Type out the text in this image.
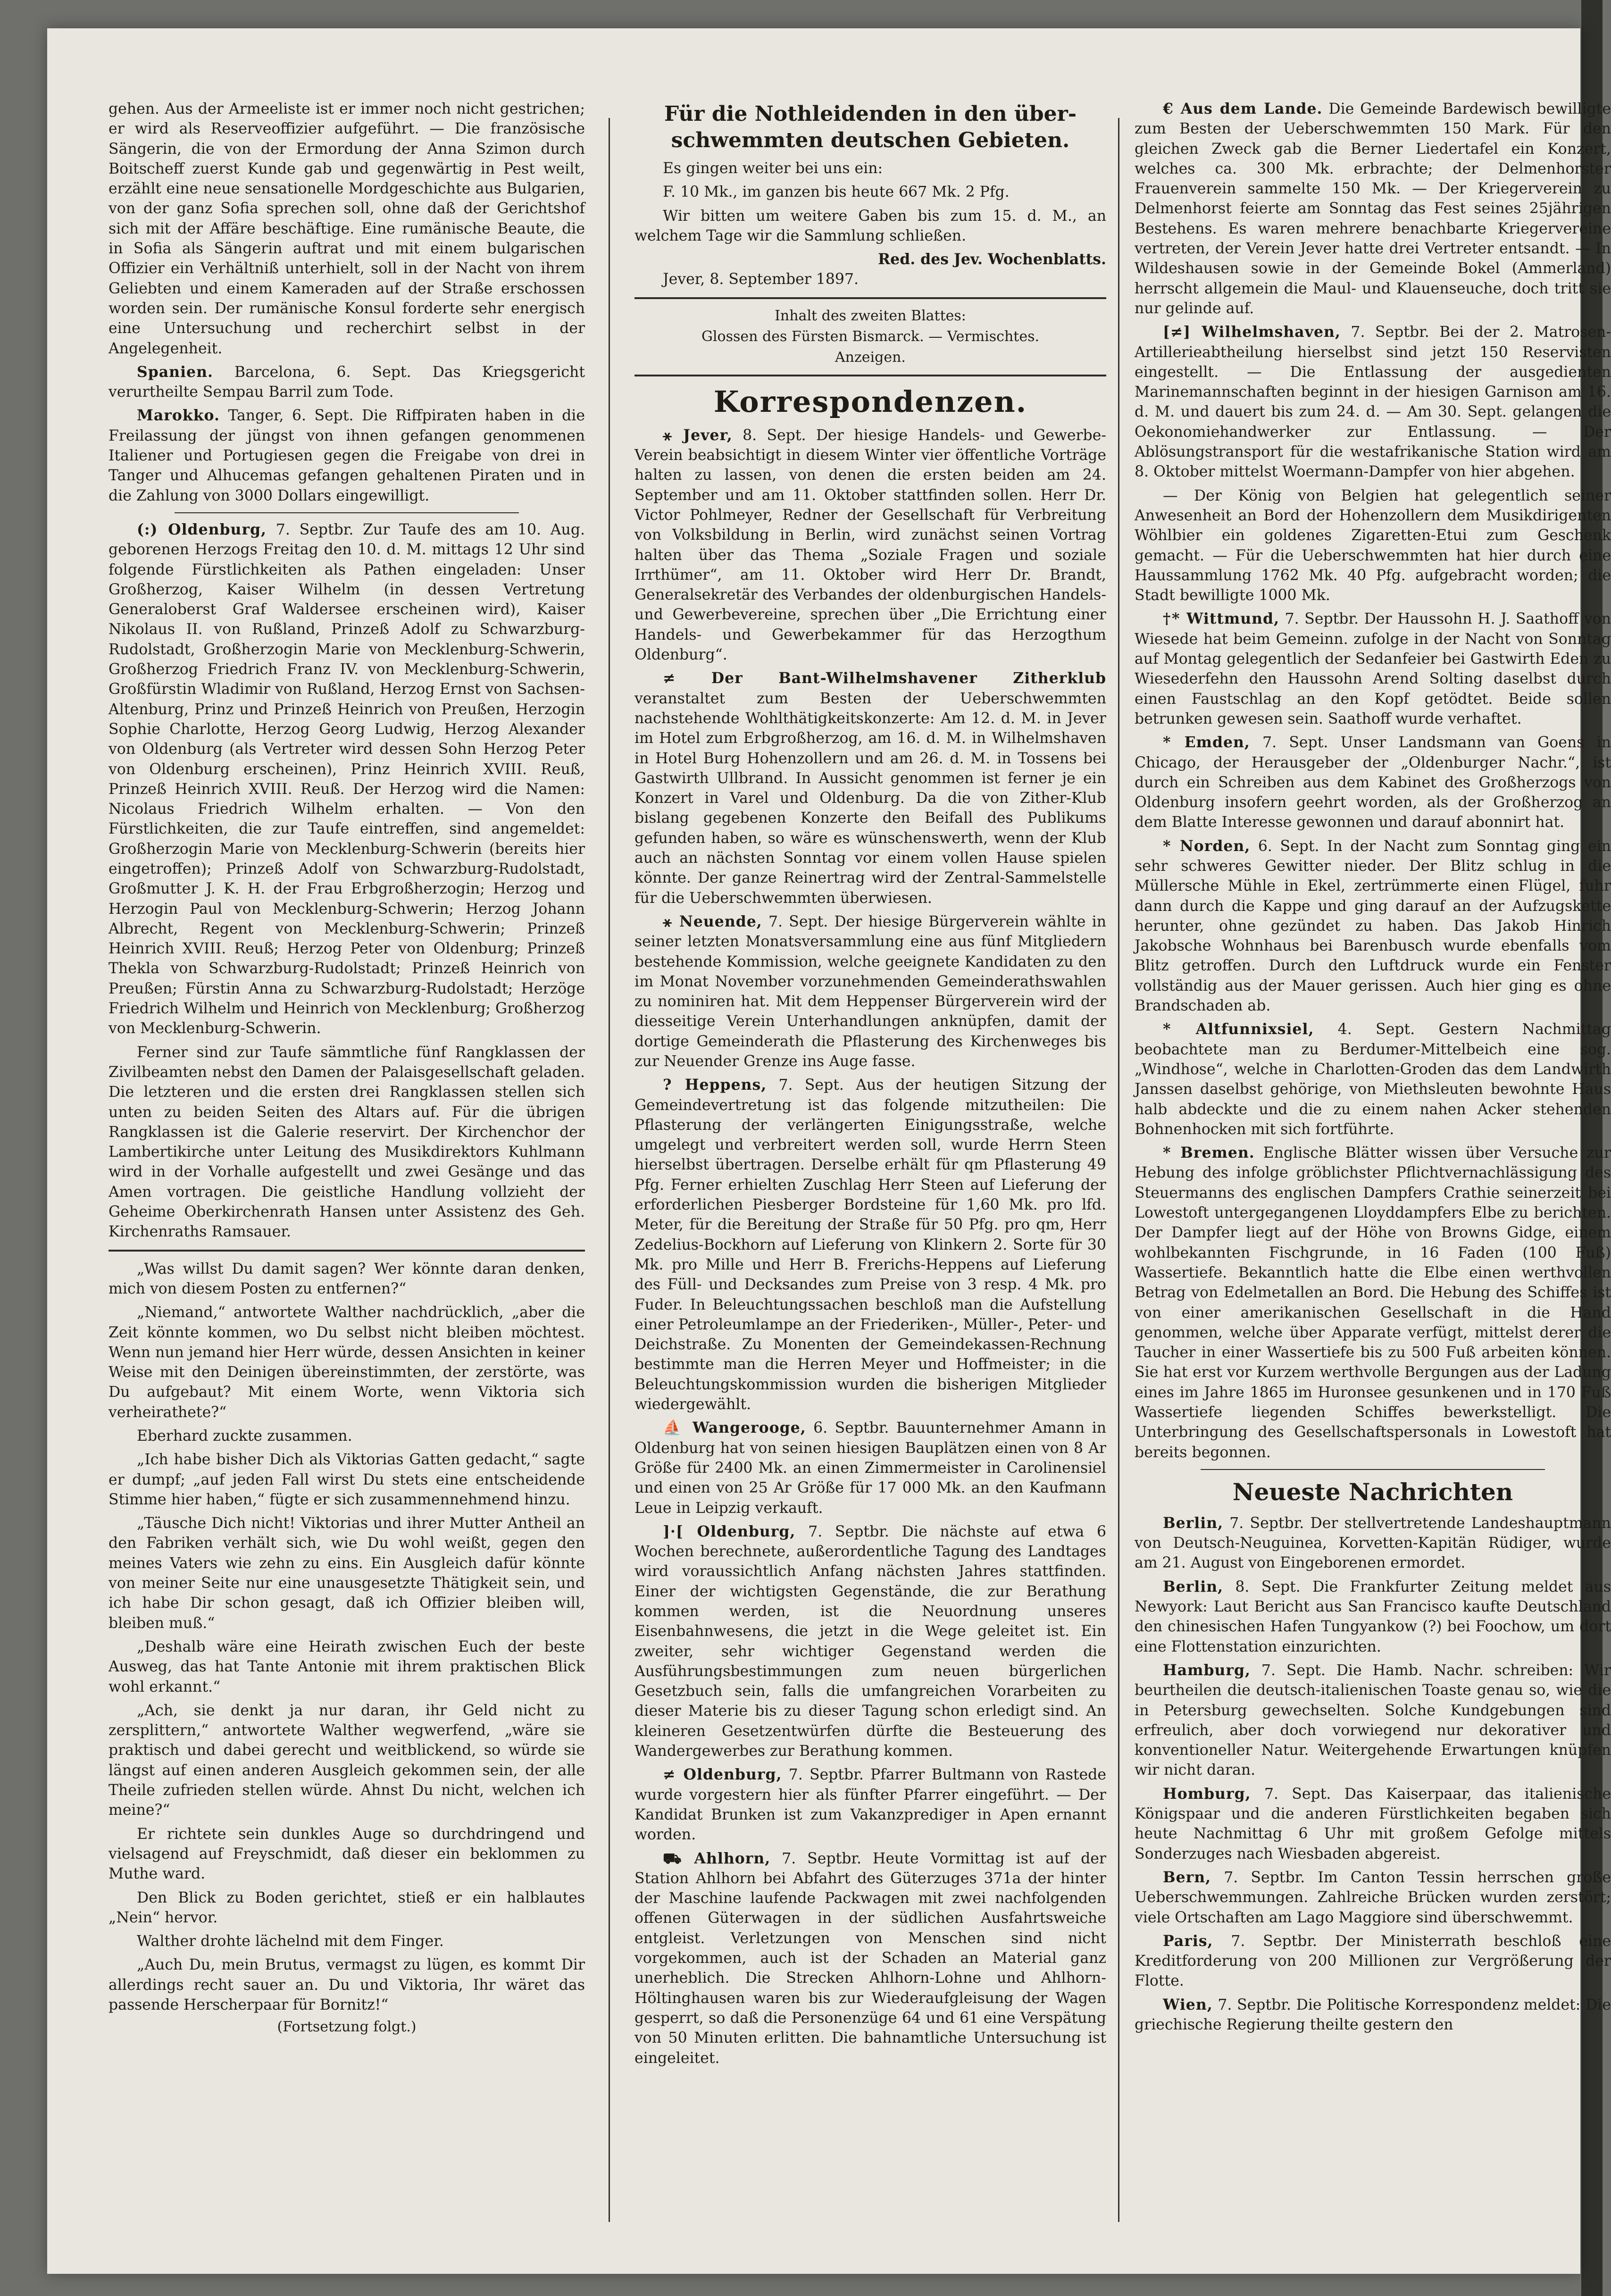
gehen. Aus der Armeeliste ist er immer noch nicht gestrichen; er wird als Reserveoffizier aufgeführt. — Die französische Sängerin, die von der Ermordung der Anna Szimon durch Boitscheff zuerst Kunde gab und gegenwärtig in Pest weilt, erzählt eine neue sensationelle Mordgeschichte aus Bulgarien, von der ganz Sofia sprechen soll, ohne daß der Gerichtshof sich mit der Affäre beschäftige. Eine rumänische Beaute, die in Sofia als Sängerin auftrat und mit einem bulgarischen Offizier ein Verhältniß unterhielt, soll in der Nacht von ihrem Geliebten und einem Kameraden auf der Straße erschossen worden sein. Der rumänische Konsul forderte sehr energisch eine Untersuchung und recherchirt selbst in der Angelegenheit.

Spanien. Barcelona, 6. Sept. Das Kriegsgericht verurtheilte Sempau Barril zum Tode.

Marokko. Tanger, 6. Sept. Die Riffpiraten haben in die Freilassung der jüngst von ihnen gefangen genommenen Italiener und Portugiesen gegen die Freigabe von drei in Tanger und Alhucemas gefangen gehaltenen Piraten und in die Zahlung von 3000 Dollars eingewilligt.

(:) Oldenburg, 7. Septbr. Zur Taufe des am 10. Aug. geborenen Herzogs Freitag den 10. d. M. mittags 12 Uhr sind folgende Fürstlichkeiten als Pathen eingeladen: Unser Großherzog, Kaiser Wilhelm (in dessen Vertretung Generaloberst Graf Waldersee erscheinen wird), Kaiser Nikolaus II. von Rußland, Prinzeß Adolf zu Schwarzburg-Rudolstadt, Großherzogin Marie von Mecklenburg-Schwerin, Großherzog Friedrich Franz IV. von Mecklenburg-Schwerin, Großfürstin Wladimir von Rußland, Herzog Ernst von Sachsen-Altenburg, Prinz und Prinzeß Heinrich von Preußen, Herzogin Sophie Charlotte, Herzog Georg Ludwig, Herzog Alexander von Oldenburg (als Vertreter wird dessen Sohn Herzog Peter von Oldenburg erscheinen), Prinz Heinrich XVIII. Reuß, Prinzeß Heinrich XVIII. Reuß. Der Herzog wird die Namen: Nicolaus Friedrich Wilhelm erhalten. — Von den Fürstlichkeiten, die zur Taufe eintreffen, sind angemeldet: Großherzogin Marie von Mecklenburg-Schwerin (bereits hier eingetroffen); Prinzeß Adolf von Schwarzburg-Rudolstadt, Großmutter J. K. H. der Frau Erbgroßherzogin; Herzog und Herzogin Paul von Mecklenburg-Schwerin; Herzog Johann Albrecht, Regent von Mecklenburg-Schwerin; Prinzeß Heinrich XVIII. Reuß; Herzog Peter von Oldenburg; Prinzeß Thekla von Schwarzburg-Rudolstadt; Prinzeß Heinrich von Preußen; Fürstin Anna zu Schwarzburg-Rudolstadt; Herzöge Friedrich Wilhelm und Heinrich von Mecklenburg; Großherzog von Mecklenburg-Schwerin.

Ferner sind zur Taufe sämmtliche fünf Rangklassen der Zivilbeamten nebst den Damen der Palaisgesellschaft geladen. Die letzteren und die ersten drei Rangklassen stellen sich unten zu beiden Seiten des Altars auf. Für die übrigen Rangklassen ist die Galerie reservirt. Der Kirchenchor der Lambertikirche unter Leitung des Musikdirektors Kuhlmann wird in der Vorhalle aufgestellt und zwei Gesänge und das Amen vortragen. Die geistliche Handlung vollzieht der Geheime Oberkirchenrath Hansen unter Assistenz des Geh. Kirchenraths Ramsauer.

„Was willst Du damit sagen? Wer könnte daran denken, mich von diesem Posten zu entfernen?“

„Niemand,“ antwortete Walther nachdrücklich, „aber die Zeit könnte kommen, wo Du selbst nicht bleiben möchtest. Wenn nun jemand hier Herr würde, dessen Ansichten in keiner Weise mit den Deinigen übereinstimmten, der zerstörte, was Du aufgebaut? Mit einem Worte, wenn Viktoria sich verheirathete?“

Eberhard zuckte zusammen.

„Ich habe bisher Dich als Viktorias Gatten gedacht,“ sagte er dumpf; „auf jeden Fall wirst Du stets eine entscheidende Stimme hier haben,“ fügte er sich zusammennehmend hinzu.

„Täusche Dich nicht! Viktorias und ihrer Mutter Antheil an den Fabriken verhält sich, wie Du wohl weißt, gegen den meines Vaters wie zehn zu eins. Ein Ausgleich dafür könnte von meiner Seite nur eine unausgesetzte Thätigkeit sein, und ich habe Dir schon gesagt, daß ich Offizier bleiben will, bleiben muß.“

„Deshalb wäre eine Heirath zwischen Euch der beste Ausweg, das hat Tante Antonie mit ihrem praktischen Blick wohl erkannt.“

„Ach, sie denkt ja nur daran, ihr Geld nicht zu zersplittern,“ antwortete Walther wegwerfend, „wäre sie praktisch und dabei gerecht und weitblickend, so würde sie längst auf einen anderen Ausgleich gekommen sein, der alle Theile zufrieden stellen würde. Ahnst Du nicht, welchen ich meine?“

Er richtete sein dunkles Auge so durchdringend und vielsagend auf Freyschmidt, daß dieser ein beklommen zu Muthe ward.

Den Blick zu Boden gerichtet, stieß er ein halblautes „Nein“ hervor.

Walther drohte lächelnd mit dem Finger.

„Auch Du, mein Brutus, vermagst zu lügen, es kommt Dir allerdings recht sauer an. Du und Viktoria, Ihr wäret das passende Herscherpaar für Bornitz!“

(Fortsetzung folgt.)
Für die Nothleidenden in den über-
schwemmten deutschen Gebieten.

Es gingen weiter bei uns ein:

F. 10 Mk., im ganzen bis heute 667 Mk. 2 Pfg.

Wir bitten um weitere Gaben bis zum 15. d. M., an welchem Tage wir die Sammlung schließen.

Red. des Jev. Wochenblatts.

Jever, 8. September 1897.

Inhalt des zweiten Blattes:
Glossen des Fürsten Bismarck. — Vermischtes.
Anzeigen.
Korrespondenzen.

⚹ Jever, 8. Sept. Der hiesige Handels- und Gewerbe-Verein beabsichtigt in diesem Winter vier öffentliche Vorträge halten zu lassen, von denen die ersten beiden am 24. September und am 11. Oktober stattfinden sollen. Herr Dr. Victor Pohlmeyer, Redner der Gesellschaft für Verbreitung von Volksbildung in Berlin, wird zunächst seinen Vortrag halten über das Thema „Soziale Fragen und soziale Irrthümer“, am 11. Oktober wird Herr Dr. Brandt, Generalsekretär des Verbandes der oldenburgischen Handels- und Gewerbevereine, sprechen über „Die Errichtung einer Handels- und Gewerbekammer für das Herzogthum Oldenburg“.

≠ Der Bant-Wilhelmshavener Zitherklub veranstaltet zum Besten der Ueberschwemmten nachstehende Wohlthätigkeitskonzerte: Am 12. d. M. in Jever im Hotel zum Erbgroßherzog, am 16. d. M. in Wilhelmshaven in Hotel Burg Hohenzollern und am 26. d. M. in Tossens bei Gastwirth Ullbrand. In Aussicht genommen ist ferner je ein Konzert in Varel und Oldenburg. Da die von Zither-Klub bislang gegebenen Konzerte den Beifall des Publikums gefunden haben, so wäre es wünschenswerth, wenn der Klub auch an nächsten Sonntag vor einem vollen Hause spielen könnte. Der ganze Reinertrag wird der Zentral-Sammelstelle für die Ueberschwemmten überwiesen.

⚹ Neuende, 7. Sept. Der hiesige Bürgerverein wählte in seiner letzten Monatsversammlung eine aus fünf Mitgliedern bestehende Kommission, welche geeignete Kandidaten zu den im Monat November vorzunehmenden Gemeinderathswahlen zu nominiren hat. Mit dem Heppenser Bürgerverein wird der diesseitige Verein Unterhandlungen anknüpfen, damit der dortige Gemeinderath die Pflasterung des Kirchenweges bis zur Neuender Grenze ins Auge fasse.

? Heppens, 7. Sept. Aus der heutigen Sitzung der Gemeindevertretung ist das folgende mitzutheilen: Die Pflasterung der verlängerten Einigungsstraße, welche umgelegt und verbreitert werden soll, wurde Herrn Steen hierselbst übertragen. Derselbe erhält für qm Pflasterung 49 Pfg. Ferner erhielten Zuschlag Herr Steen auf Lieferung der erforderlichen Piesberger Bordsteine für 1,60 Mk. pro lfd. Meter, für die Bereitung der Straße für 50 Pfg. pro qm, Herr Zedelius-Bockhorn auf Lieferung von Klinkern 2. Sorte für 30 Mk. pro Mille und Herr B. Frerichs-Heppens auf Lieferung des Füll- und Decksandes zum Preise von 3 resp. 4 Mk. pro Fuder. In Beleuchtungssachen beschloß man die Aufstellung einer Petroleumlampe an der Friederiken-, Müller-, Peter- und Deichstraße. Zu Monenten der Gemeindekassen-Rechnung bestimmte man die Herren Meyer und Hoffmeister; in die Beleuchtungskommission wurden die bisherigen Mitglieder wiedergewählt.

⛵ Wangerooge, 6. Septbr. Bauunternehmer Amann in Oldenburg hat von seinen hiesigen Bauplätzen einen von 8 Ar Größe für 2400 Mk. an einen Zimmermeister in Carolinensiel und einen von 25 Ar Größe für 17 000 Mk. an den Kaufmann Leue in Leipzig verkauft.

]·[ Oldenburg, 7. Septbr. Die nächste auf etwa 6 Wochen berechnete, außerordentliche Tagung des Landtages wird voraussichtlich Anfang nächsten Jahres stattfinden. Einer der wichtigsten Gegenstände, die zur Berathung kommen werden, ist die Neuordnung unseres Eisenbahnwesens, die jetzt in die Wege geleitet ist. Ein zweiter, sehr wichtiger Gegenstand werden die Ausführungsbestimmungen zum neuen bürgerlichen Gesetzbuch sein, falls die umfangreichen Vorarbeiten zu dieser Materie bis zu dieser Tagung schon erledigt sind. An kleineren Gesetzentwürfen dürfte die Besteuerung des Wandergewerbes zur Berathung kommen.

≠ Oldenburg, 7. Septbr. Pfarrer Bultmann von Rastede wurde vorgestern hier als fünfter Pfarrer eingeführt. — Der Kandidat Brunken ist zum Vakanzprediger in Apen ernannt worden.

⛟ Ahlhorn, 7. Septbr. Heute Vormittag ist auf der Station Ahlhorn bei Abfahrt des Güterzuges 371a der hinter der Maschine laufende Packwagen mit zwei nachfolgenden offenen Güterwagen in der südlichen Ausfahrtsweiche entgleist. Verletzungen von Menschen sind nicht vorgekommen, auch ist der Schaden an Material ganz unerheblich. Die Strecken Ahlhorn-Lohne und Ahlhorn-Höltinghausen waren bis zur Wiederaufgleisung der Wagen gesperrt, so daß die Personenzüge 64 und 61 eine Verspätung von 50 Minuten erlitten. Die bahnamtliche Untersuchung ist eingeleitet.

€ Aus dem Lande. Die Gemeinde Bardewisch bewilligte zum Besten der Ueberschwemmten 150 Mark. Für den gleichen Zweck gab die Berner Liedertafel ein Konzert, welches ca. 300 Mk. erbrachte; der Delmenhorster Frauenverein sammelte 150 Mk. — Der Kriegerverein zu Delmenhorst feierte am Sonntag das Fest seines 25jährigen Bestehens. Es waren mehrere benachbarte Kriegervereine vertreten, der Verein Jever hatte drei Vertreter entsandt. — In Wildeshausen sowie in der Gemeinde Bokel (Ammerland) herrscht allgemein die Maul- und Klauenseuche, doch tritt sie nur gelinde auf.

[≠] Wilhelmshaven, 7. Septbr. Bei der 2. Matrosen-Artillerieabtheilung hierselbst sind jetzt 150 Reservisten eingestellt. — Die Entlassung der ausgedienten Marinemannschaften beginnt in der hiesigen Garnison am 16. d. M. und dauert bis zum 24. d. — Am 30. Sept. gelangen die Oekonomiehandwerker zur Entlassung. — Der Ablösungstransport für die westafrikanische Station wird am 8. Oktober mittelst Woermann-Dampfer von hier abgehen.

— Der König von Belgien hat gelegentlich seiner Anwesenheit an Bord der Hohenzollern dem Musikdirigenten Wöhlbier ein goldenes Zigaretten-Etui zum Geschenk gemacht. — Für die Ueberschwemmten hat hier durch eine Haussammlung 1762 Mk. 40 Pfg. aufgebracht worden; die Stadt bewilligte 1000 Mk.

†* Wittmund, 7. Septbr. Der Haussohn H. J. Saathoff von Wiesede hat beim Gemeinn. zufolge in der Nacht von Sonntag auf Montag gelegentlich der Sedanfeier bei Gastwirth Eden zu Wiesederfehn den Haussohn Arend Solting daselbst durch einen Faustschlag an den Kopf getödtet. Beide sollen betrunken gewesen sein. Saathoff wurde verhaftet.

* Emden, 7. Sept. Unser Landsmann van Goens in Chicago, der Herausgeber der „Oldenburger Nachr.“, ist durch ein Schreiben aus dem Kabinet des Großherzogs von Oldenburg insofern geehrt worden, als der Großherzog an dem Blatte Interesse gewonnen und darauf abonnirt hat.

* Norden, 6. Sept. In der Nacht zum Sonntag ging ein sehr schweres Gewitter nieder. Der Blitz schlug in die Müllersche Mühle in Ekel, zertrümmerte einen Flügel, fuhr dann durch die Kappe und ging darauf an der Aufzugskette herunter, ohne gezündet zu haben. Das Jakob Hinrich Jakobsche Wohnhaus bei Barenbusch wurde ebenfalls vom Blitz getroffen. Durch den Luftdruck wurde ein Fenster vollständig aus der Mauer gerissen. Auch hier ging es ohne Brandschaden ab.

* Altfunnixsiel, 4. Sept. Gestern Nachmittag beobachtete man zu Berdumer-Mittelbeich eine sog. „Windhose“, welche in Charlotten-Groden das dem Landwirth Janssen daselbst gehörige, von Miethsleuten bewohnte Haus halb abdeckte und die zu einem nahen Acker stehenden Bohnenhocken mit sich fortführte.

* Bremen. Englische Blätter wissen über Versuche zur Hebung des infolge gröblichster Pflichtvernachlässigung des Steuermanns des englischen Dampfers Crathie seinerzeit bei Lowestoft untergegangenen Lloyddampfers Elbe zu berichten. Der Dampfer liegt auf der Höhe von Browns Gidge, einem wohlbekannten Fischgrunde, in 16 Faden (100 Fuß) Wassertiefe. Bekanntlich hatte die Elbe einen werthvollen Betrag von Edelmetallen an Bord. Die Hebung des Schiffes ist von einer amerikanischen Gesellschaft in die Hand genommen, welche über Apparate verfügt, mittelst derer die Taucher in einer Wassertiefe bis zu 500 Fuß arbeiten können. Sie hat erst vor Kurzem werthvolle Bergungen aus der Ladung eines im Jahre 1865 im Huronsee gesunkenen und in 170 Fuß Wassertiefe liegenden Schiffes bewerkstelligt. Die Unterbringung des Gesellschaftspersonals in Lowestoft hat bereits begonnen.

Neueste Nachrichten

Berlin, 7. Septbr. Der stellvertretende Landeshauptmann von Deutsch-Neuguinea, Korvetten-Kapitän Rüdiger, wurde am 21. August von Eingeborenen ermordet.

Berlin, 8. Sept. Die Frankfurter Zeitung meldet aus Newyork: Laut Bericht aus San Francisco kaufte Deutschland den chinesischen Hafen Tungyankow (?) bei Foochow, um dort eine Flottenstation einzurichten.

Hamburg, 7. Sept. Die Hamb. Nachr. schreiben: Wir beurtheilen die deutsch-italienischen Toaste genau so, wie die in Petersburg gewechselten. Solche Kundgebungen sind erfreulich, aber doch vorwiegend nur dekorativer und konventioneller Natur. Weitergehende Erwartungen knüpfen wir nicht daran.

Homburg, 7. Sept. Das Kaiserpaar, das italienische Königspaar und die anderen Fürstlichkeiten begaben sich heute Nachmittag 6 Uhr mit großem Gefolge mittels Sonderzuges nach Wiesbaden abgereist.

Bern, 7. Septbr. Im Canton Tessin herrschen große Ueberschwemmungen. Zahlreiche Brücken wurden zerstört; viele Ortschaften am Lago Maggiore sind überschwemmt.

Paris, 7. Septbr. Der Ministerrath beschloß eine Kreditforderung von 200 Millionen zur Vergrößerung der Flotte.

Wien, 7. Septbr. Die Politische Korrespondenz meldet: Die griechische Regierung theilte gestern den
